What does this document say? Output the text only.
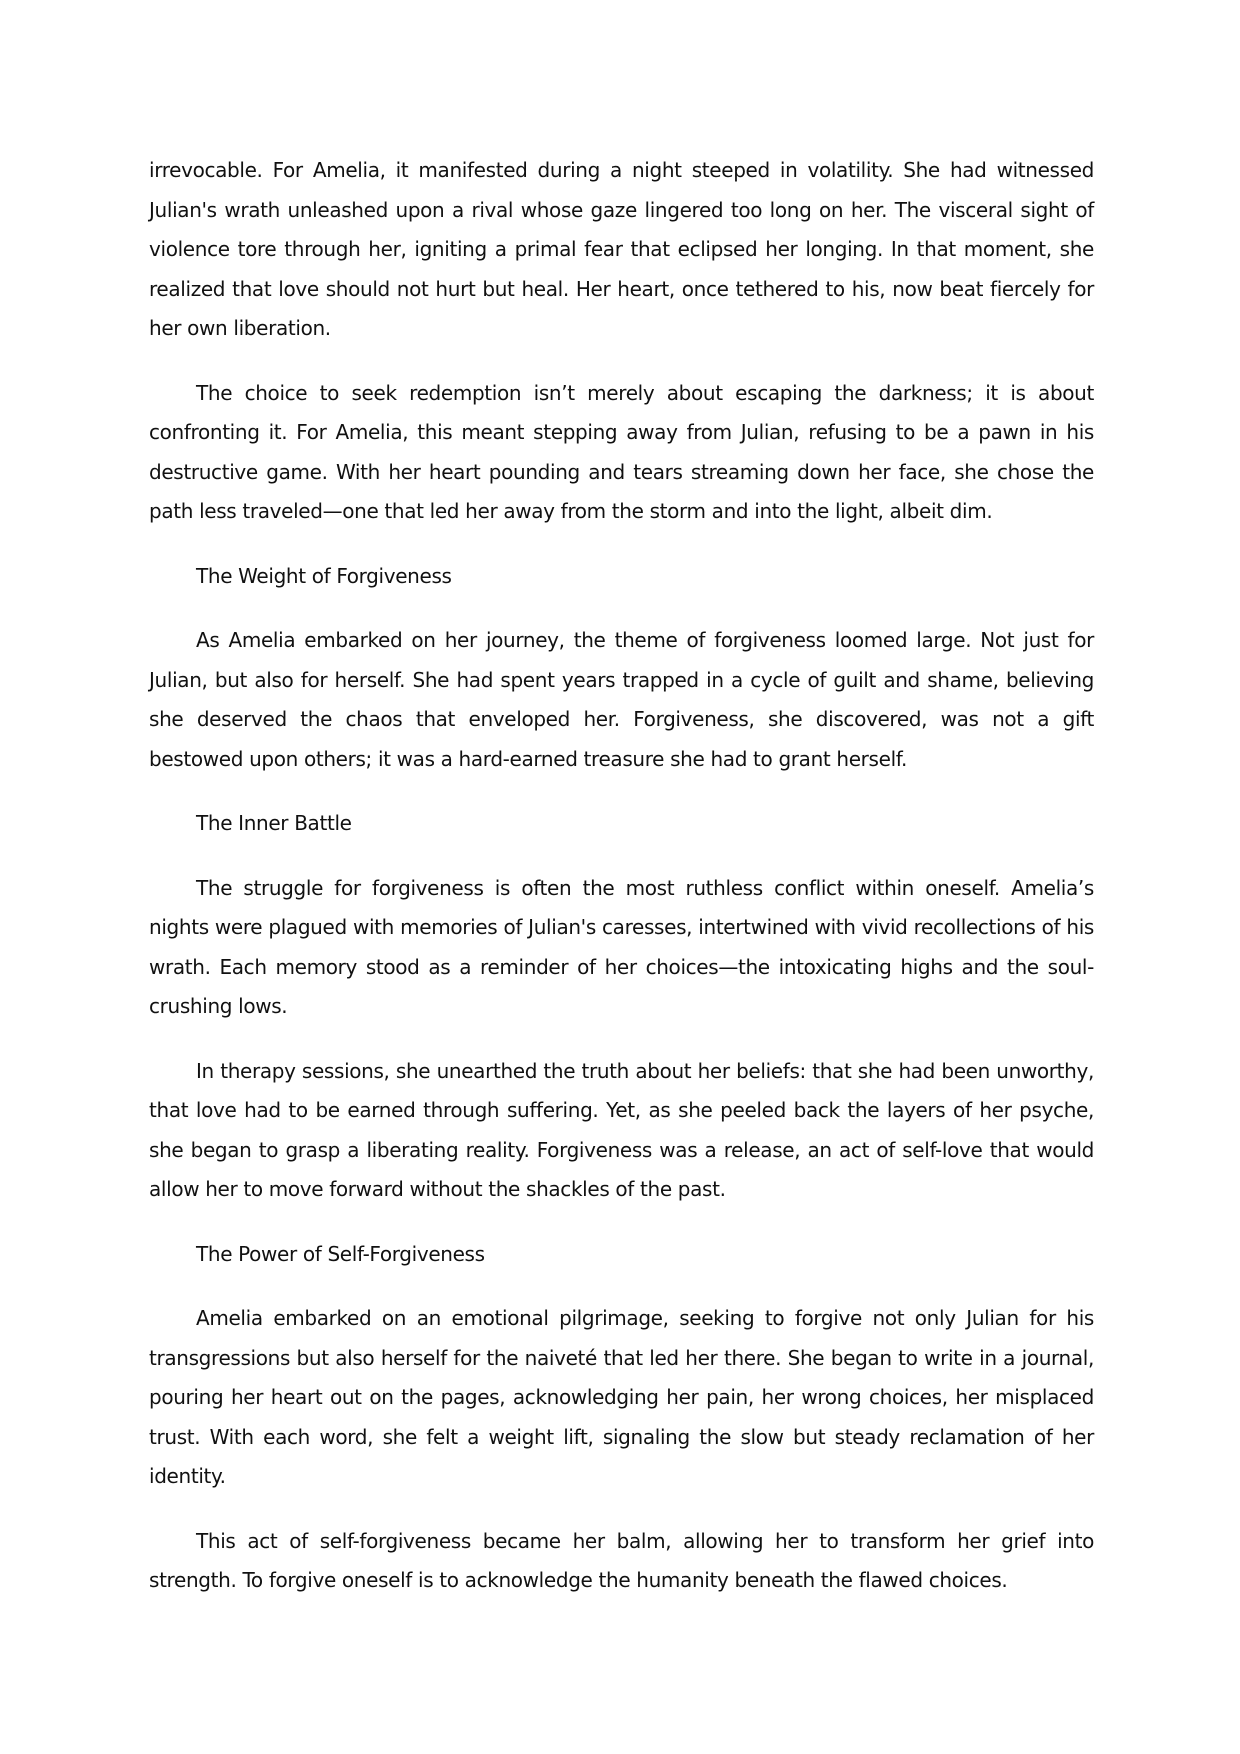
irrevocable. For Amelia, it manifested during a night steeped in volatility. She had witnessed Julian's wrath unleashed upon a rival whose gaze lingered too long on her. The visceral sight of violence tore through her, igniting a primal fear that eclipsed her longing. In that moment, she realized that love should not hurt but heal. Her heart, once tethered to his, now beat fiercely for her own liberation.

The choice to seek redemption isn’t merely about escaping the darkness; it is about confronting it. For Amelia, this meant stepping away from Julian, refusing to be a pawn in his destructive game. With her heart pounding and tears streaming down her face, she chose the path less traveled—one that led her away from the storm and into the light, albeit dim.

The Weight of Forgiveness

As Amelia embarked on her journey, the theme of forgiveness loomed large. Not just for Julian, but also for herself. She had spent years trapped in a cycle of guilt and shame, believing she deserved the chaos that enveloped her. Forgiveness, she discovered, was not a gift bestowed upon others; it was a hard-earned treasure she had to grant herself.

The Inner Battle

The struggle for forgiveness is often the most ruthless conflict within oneself. Amelia’s nights were plagued with memories of Julian's caresses, intertwined with vivid recollections of his wrath. Each memory stood as a reminder of her choices—the intoxicating highs and the soul-crushing lows.

In therapy sessions, she unearthed the truth about her beliefs: that she had been unworthy, that love had to be earned through suffering. Yet, as she peeled back the layers of her psyche, she began to grasp a liberating reality. Forgiveness was a release, an act of self-love that would allow her to move forward without the shackles of the past.

The Power of Self-Forgiveness

Amelia embarked on an emotional pilgrimage, seeking to forgive not only Julian for his transgressions but also herself for the naiveté that led her there. She began to write in a journal, pouring her heart out on the pages, acknowledging her pain, her wrong choices, her misplaced trust. With each word, she felt a weight lift, signaling the slow but steady reclamation of her identity.

This act of self-forgiveness became her balm, allowing her to transform her grief into strength. To forgive oneself is to acknowledge the humanity beneath the flawed choices.
